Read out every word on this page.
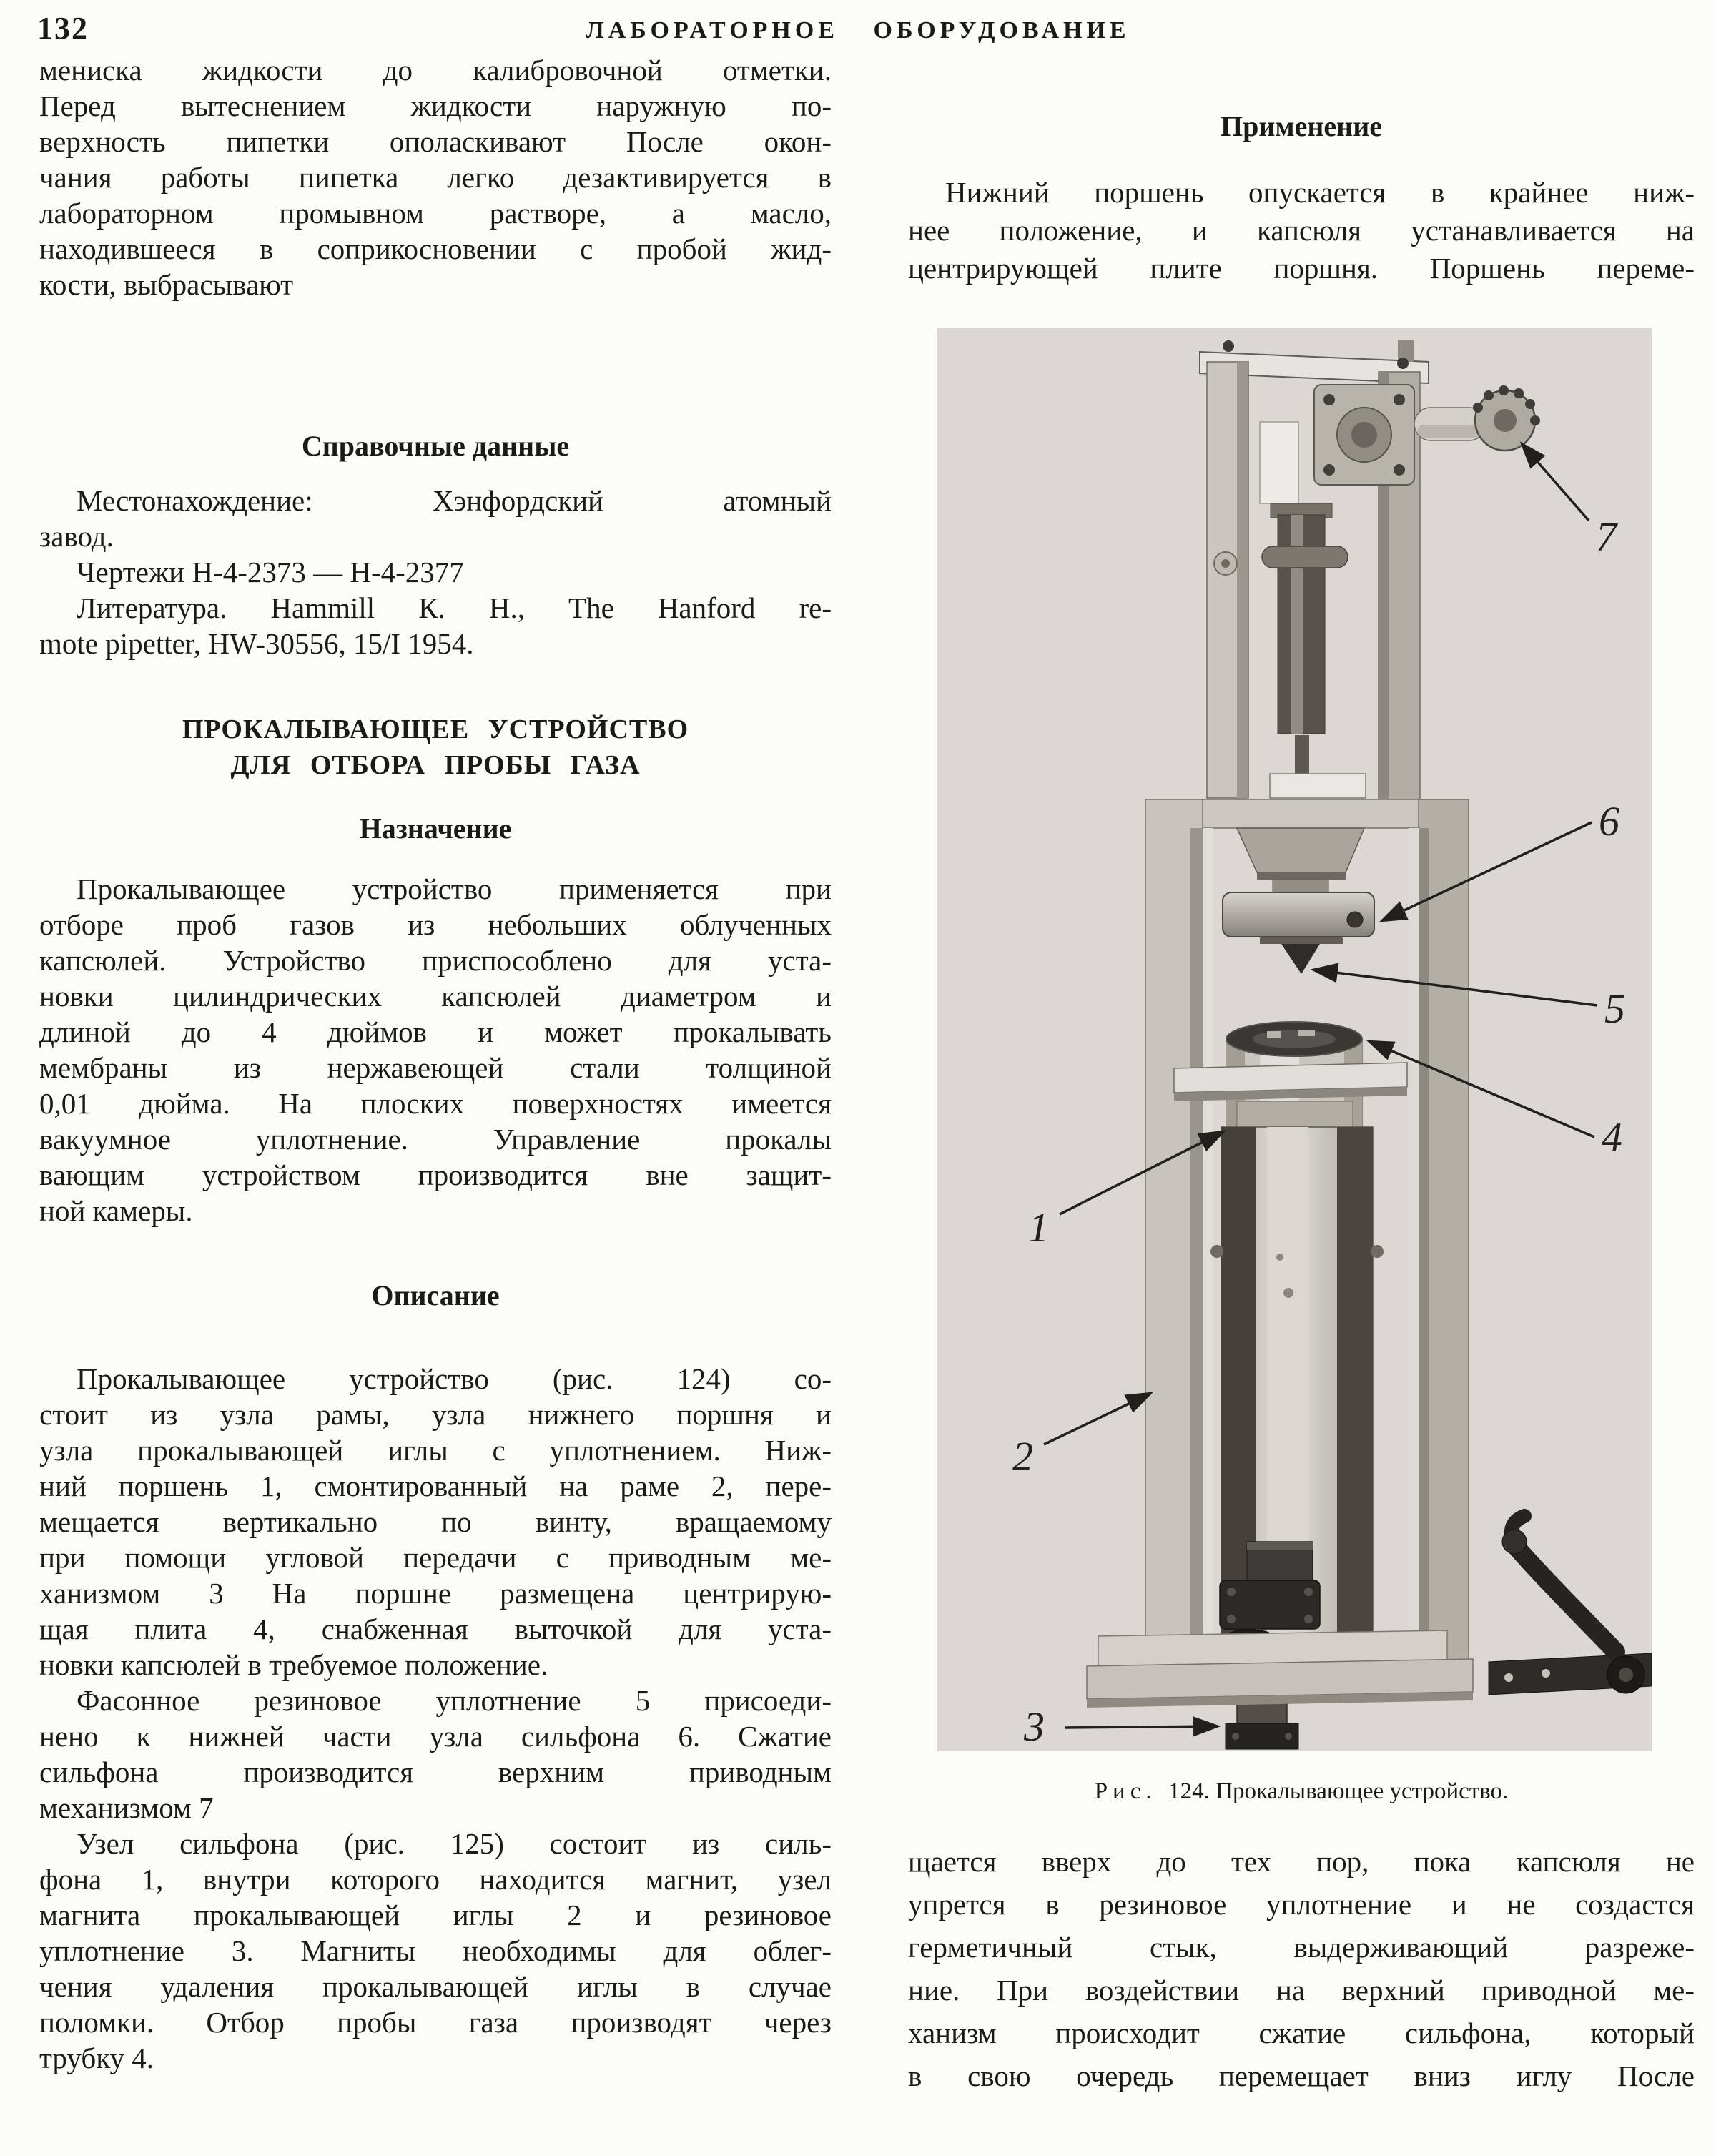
132	ЛАБОРАТОРНОЕ ОБОРУДОВАНИЕ
мениска жидкости до калибровочной отметки.
Перед вытеснением жидкости наружную по-
верхность пипетки ополаскивают После окон-
чания работы пипетка легко дезактивируется в
лабораторном промывном растворе, а масло,
находившееся в соприкосновении с пробой жид-
кости, выбрасывают
Справочные данные
Местонахождение: Хэнфордский атомный
завод.
Чертежи Н-4-2373 — Н-4-2377
Литература. Hammill К. Н., The Hanford re-
mote pipetter, HW-30556, 15/I 1954.
ПРОКАЛЫВАЮЩЕЕ УСТРОЙСТВО
ДЛЯ ОТБОРА ПРОБЫ ГАЗА
Назначение
Прокалывающее устройство применяется при
отборе проб газов из небольших облученных
капсюлей. Устройство приспособлено для уста-
новки цилиндрических капсюлей диаметром и
длиной до 4 дюймов и может прокалывать
мембраны из нержавеющей стали толщиной
0,01 дюйма. На плоских поверхностях имеется
вакуумное уплотнение. Управление прокалы
вающим устройством производится вне защит-
ной камеры.
Описание
Прокалывающее устройство (рис. 124) со-
стоит из узла рамы, узла нижнего поршня и
узла прокалывающей иглы с уплотнением. Ниж-
ний поршень 1, смонтированный на раме 2, пере-
мещается вертикально по винту, вращаемому
при помощи угловой передачи с приводным ме-
ханизмом 3 На поршне размещена центрирую-
щая плита 4, снабженная выточкой для уста-
новки капсюлей в требуемое положение.
Фасонное резиновое уплотнение 5 присоеди-
нено к нижней части узла сильфона 6. Сжатие
сильфона производится верхним приводным
механизмом 7
Узел сильфона (рис. 125) состоит из силь-
фона 1, внутри которого находится магнит, узел
магнита прокалывающей иглы 2 и резиновое
уплотнение 3. Магниты необходимы для облег-
чения удаления прокалывающей иглы в случае
поломки. Отбор пробы газа производят через
трубку 4.
Применение
Нижний поршень опускается в крайнее ниж-
нее положение, и капсюля устанавливается на
центрирующей плите поршня. Поршень переме-
7
6
5
4
1
2
3
Рис. 124. Прокалывающее устройство.
щается вверх до тех пор, пока капсюля не
упрется в резиновое уплотнение и не создастся
герметичный стык, выдерживающий разреже-
ние. При воздействии на верхний приводной ме-
ханизм происходит сжатие сильфона, который
в свою очередь перемещает вниз иглу После
